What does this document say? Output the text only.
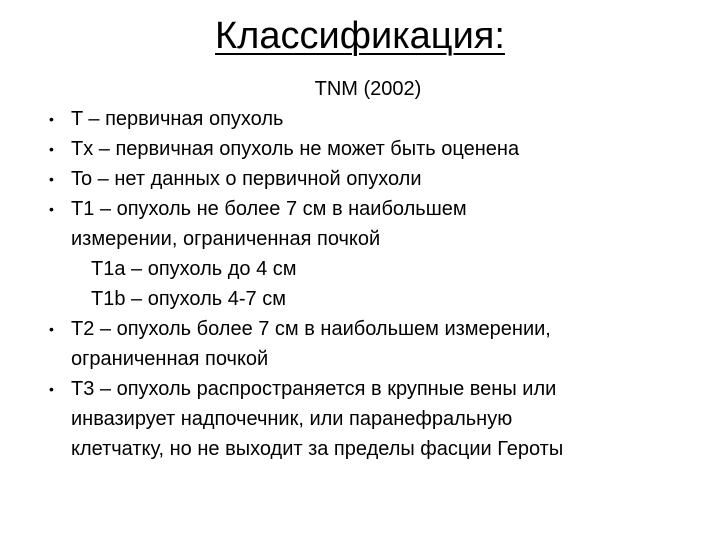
Классификация:
TNM (2002)
• T – первичная опухоль
• Tx – первичная опухоль не может быть оценена
• To – нет данных о первичной опухоли
• T1 – опухоль не более 7 см в наибольшем
измерении, ограниченная почкой
T1a – опухоль до 4 см
T1b – опухоль 4-7 см
• T2 – опухоль более 7 см в наибольшем измерении,
ограниченная почкой
• T3 – опухоль распространяется в крупные вены или
инвазирует надпочечник, или паранефральную
клетчатку, но не выходит за пределы фасции Героты
